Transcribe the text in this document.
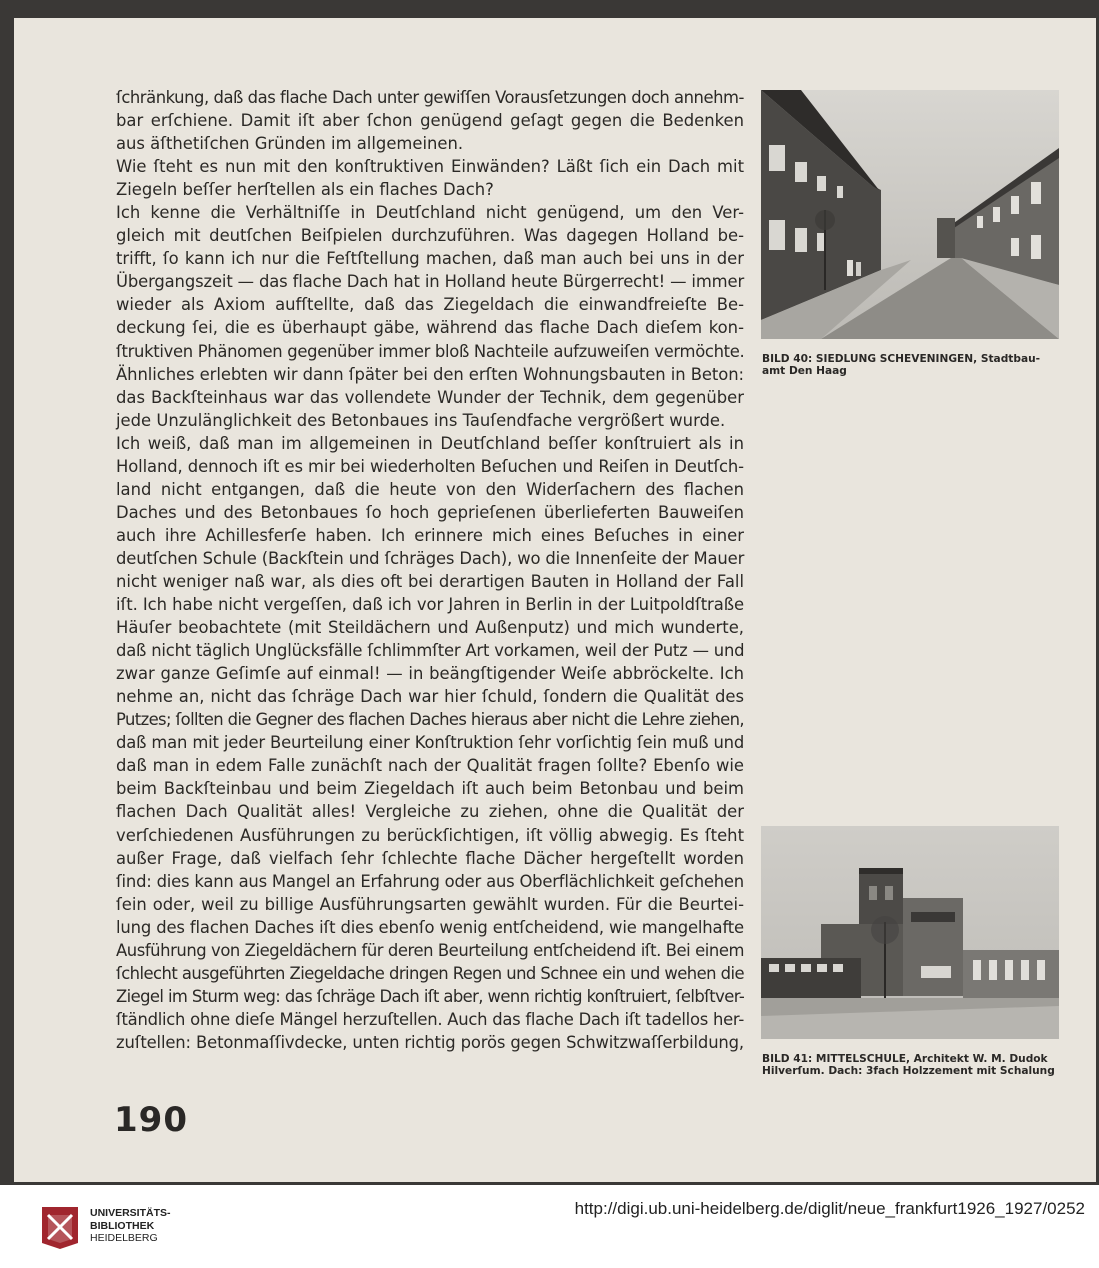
ſchränkung, daß das flache Dach unter gewiſſen Vorausſetzungen doch annehm-
bar erſchiene. Damit iſt aber ſchon genügend geſagt gegen die Bedenken
aus äſthetiſchen Gründen im allgemeinen.
Wie ſteht es nun mit den konſtruktiven Einwänden? Läßt ſich ein Dach mit
Ziegeln beſſer herſtellen als ein flaches Dach?
Ich kenne die Verhältniſſe in Deutſchland nicht genügend, um den Ver-
gleich mit deutſchen Beiſpielen durchzuführen. Was dagegen Holland be-
trifft, ſo kann ich nur die Feſtſtellung machen, daß man auch bei uns in der
Übergangszeit — das flache Dach hat in Holland heute Bürgerrecht! — immer
wieder als Axiom aufſtellte, daß das Ziegeldach die einwandfreieſte Be-
deckung ſei, die es überhaupt gäbe, während das flache Dach dieſem kon-
ſtruktiven Phänomen gegenüber immer bloß Nachteile aufzuweiſen vermöchte.
Ähnliches erlebten wir dann ſpäter bei den erſten Wohnungsbauten in Beton:
das Backſteinhaus war das vollendete Wunder der Technik, dem gegenüber
jede Unzulänglichkeit des Betonbaues ins Tauſendfache vergrößert wurde.
Ich weiß, daß man im allgemeinen in Deutſchland beſſer konſtruiert als in
Holland, dennoch iſt es mir bei wiederholten Beſuchen und Reiſen in Deutſch-
land nicht entgangen, daß die heute von den Widerſachern des flachen
Daches und des Betonbaues ſo hoch geprieſenen überlieferten Bauweiſen
auch ihre Achillesferſe haben. Ich erinnere mich eines Beſuches in einer
deutſchen Schule (Backſtein und ſchräges Dach), wo die Innenſeite der Mauer
nicht weniger naß war, als dies oft bei derartigen Bauten in Holland der Fall
iſt. Ich habe nicht vergeſſen, daß ich vor Jahren in Berlin in der Luitpoldſtraße
Häuſer beobachtete (mit Steildächern und Außenputz) und mich wunderte,
daß nicht täglich Unglücksfälle ſchlimmſter Art vorkamen, weil der Putz — und
zwar ganze Geſimſe auf einmal! — in beängſtigender Weiſe abbröckelte. Ich
nehme an, nicht das ſchräge Dach war hier ſchuld, ſondern die Qualität des
Putzes; ſollten die Gegner des flachen Daches hieraus aber nicht die Lehre ziehen,
daß man mit jeder Beurteilung einer Konſtruktion ſehr vorſichtig ſein muß und
daß man in edem Falle zunächſt nach der Qualität fragen ſollte? Ebenſo wie
beim Backſteinbau und beim Ziegeldach iſt auch beim Betonbau und beim
flachen Dach Qualität alles! Vergleiche zu ziehen, ohne die Qualität der
verſchiedenen Ausführungen zu berückſichtigen, iſt völlig abwegig. Es ſteht
außer Frage, daß vielfach ſehr ſchlechte flache Dächer hergeſtellt worden
ſind: dies kann aus Mangel an Erfahrung oder aus Oberflächlichkeit geſchehen
ſein oder, weil zu billige Ausführungsarten gewählt wurden. Für die Beurtei-
lung des flachen Daches iſt dies ebenſo wenig entſcheidend, wie mangelhafte
Ausführung von Ziegeldächern für deren Beurteilung entſcheidend iſt. Bei einem
ſchlecht ausgeführten Ziegeldache dringen Regen und Schnee ein und wehen die
Ziegel im Sturm weg: das ſchräge Dach iſt aber, wenn richtig konſtruiert, ſelbſtver-
ſtändlich ohne dieſe Mängel herzuſtellen. Auch das flache Dach iſt tadellos her-
zuſtellen: Betonmaſſivdecke, unten richtig porös gegen Schwitzwaſſerbildung,

BILD 40: SIEDLUNG SCHEVENINGEN, Stadtbau-
amt Den Haag

BILD 41: MITTELSCHULE, Architekt W. M. Dudok
Hilverſum. Dach: 3fach Holzzement mit Schalung

190

UNIVERSITÄTS-
BIBLIOTHEK
HEIDELBERG

http://digi.ub.uni-heidelberg.de/diglit/neue_frankfurt1926_1927/0252
